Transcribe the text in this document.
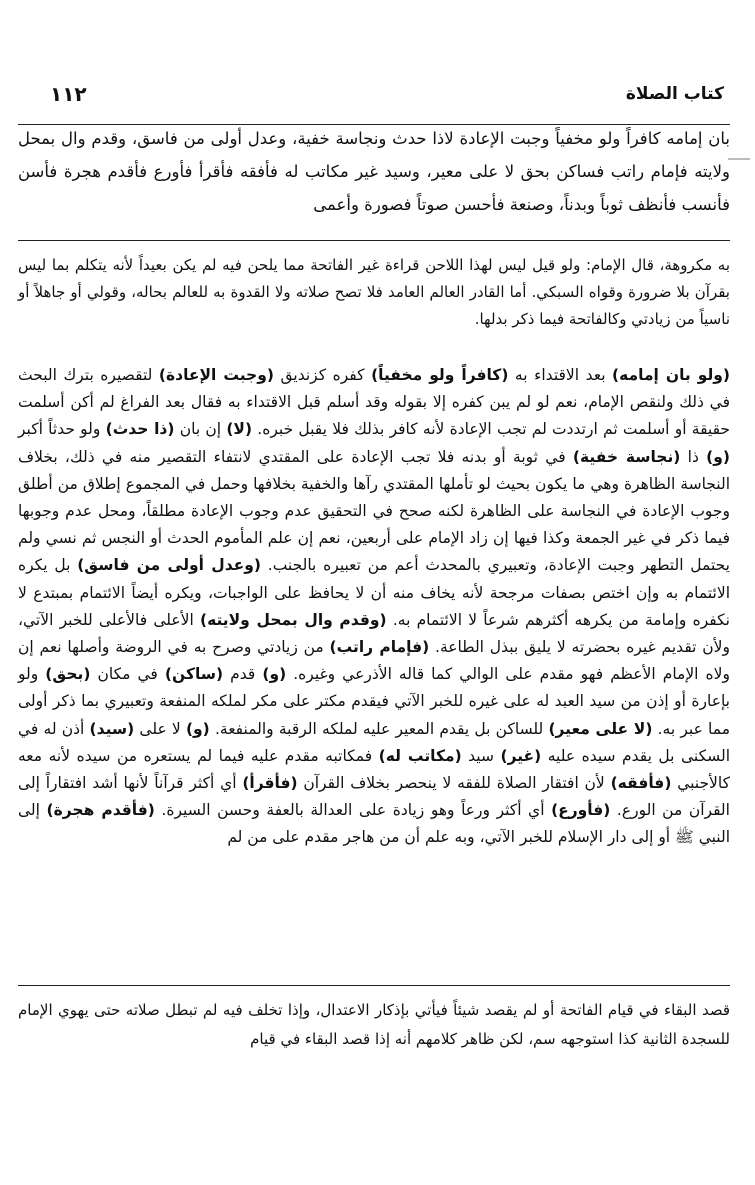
كتاب الصلاة
١١٢
بان إمامه كافراً ولو مخفياً وجبت الإعادة لاذا حدث ونجاسة خفية، وعدل أولى من فاسق، وقدم وال بمحل ولايته فإمام راتب فساكن بحق لا على معير، وسيد غير مكاتب له فأفقه فأقرأ فأورع فأقدم هجرة فأسن فأنسب فأنظف ثوباً وبدناً، وصنعة فأحسن صوتاً فصورة وأعمى
به مكروهة، قال الإمام: ولو قيل ليس لهذا اللاحن قراءة غير الفاتحة مما يلحن فيه لم يكن بعيداً لأنه يتكلم بما ليس بقرآن بلا ضرورة وقواه السبكي. أما القادر العالم العامد فلا تصح صلاته ولا القدوة به للعالم بحاله، وقولي أو جاهلاً أو ناسياً من زيادتي وكالفاتحة فيما ذكر بدلها.
(ولو بان إمامه) بعد الاقتداء به (كافراً ولو مخفياً) كفره كزنديق (وجبت الإعادة) لتقصيره بترك البحث في ذلك ولنقص الإمام، نعم لو لم يبن كفره إلا بقوله وقد أسلم قبل الاقتداء به فقال بعد الفراغ لم أكن أسلمت حقيقة أو أسلمت ثم ارتددت لم تجب الإعادة لأنه كافر بذلك فلا يقبل خبره. (لا) إن بان (ذا حدث) ولو حدثاً أكبر (و) ذا (نجاسة خفية) في ثوبة أو بدنه فلا تجب الإعادة على المقتدي لانتفاء التقصير منه في ذلك، بخلاف النجاسة الظاهرة وهي ما يكون بحيث لو تأملها المقتدي رآها والخفية بخلافها وحمل في المجموع إطلاق من أطلق وجوب الإعادة في النجاسة على الظاهرة لكنه صحح في التحقيق عدم وجوب الإعادة مطلقاً، ومحل عدم وجوبها فيما ذكر في غير الجمعة وكذا فيها إن زاد الإمام على أربعين، نعم إن علم المأموم الحدث أو النجس ثم نسي ولم يحتمل التطهر وجبت الإعادة، وتعبيري بالمحدث أعم من تعبيره بالجنب. (وعدل أولى من فاسق) بل يكره الائتمام به وإن اختص بصفات مرجحة لأنه يخاف منه أن لا يحافظ على الواجبات، ويكره أيضاً الائتمام بمبتدع لا نكفره وإمامة من يكرهه أكثرهم شرعاً لا الائتمام به. (وقدم وال بمحل ولايته) الأعلى فالأعلى للخبر الآتي، ولأن تقديم غيره بحضرته لا يليق ببذل الطاعة. (فإمام راتب) من زيادتي وصرح به في الروضة وأصلها نعم إن ولاه الإمام الأعظم فهو مقدم على الوالي كما قاله الأذرعي وغيره. (و) قدم (ساكن) في مكان (بحق) ولو بإعارة أو إذن من سيد العبد له على غيره للخبر الآتي فيقدم مكتر على مكر لملكه المنفعة وتعبيري بما ذكر أولى مما عبر به. (لا على معير) للساكن بل يقدم المعير عليه لملكه الرقبة والمنفعة. (و) لا على (سيد) أذن له في السكنى بل يقدم سيده عليه (غير) سيد (مكاتب له) فمكاتبه مقدم عليه فيما لم يستعره من سيده لأنه معه كالأجنبي (فأفقه) لأن افتقار الصلاة للفقه لا ينحصر بخلاف القرآن (فأقرأ) أي أكثر قرآناً لأنها أشد افتقاراً إلى القرآن من الورع. (فأورع) أي أكثر ورعاً وهو زيادة على العدالة بالعفة وحسن السيرة. (فأقدم هجرة) إلى النبي ﷺ أو إلى دار الإسلام للخبر الآتي، وبه علم أن من هاجر مقدم على من لم
قصد البقاء في قيام الفاتحة أو لم يقصد شيئاً فيأتي بإذكار الاعتدال، وإذا تخلف فيه لم تبطل صلاته حتى يهوي الإمام للسجدة الثانية كذا استوجهه سم، لكن ظاهر كلامهم أنه إذا قصد البقاء في قيام
